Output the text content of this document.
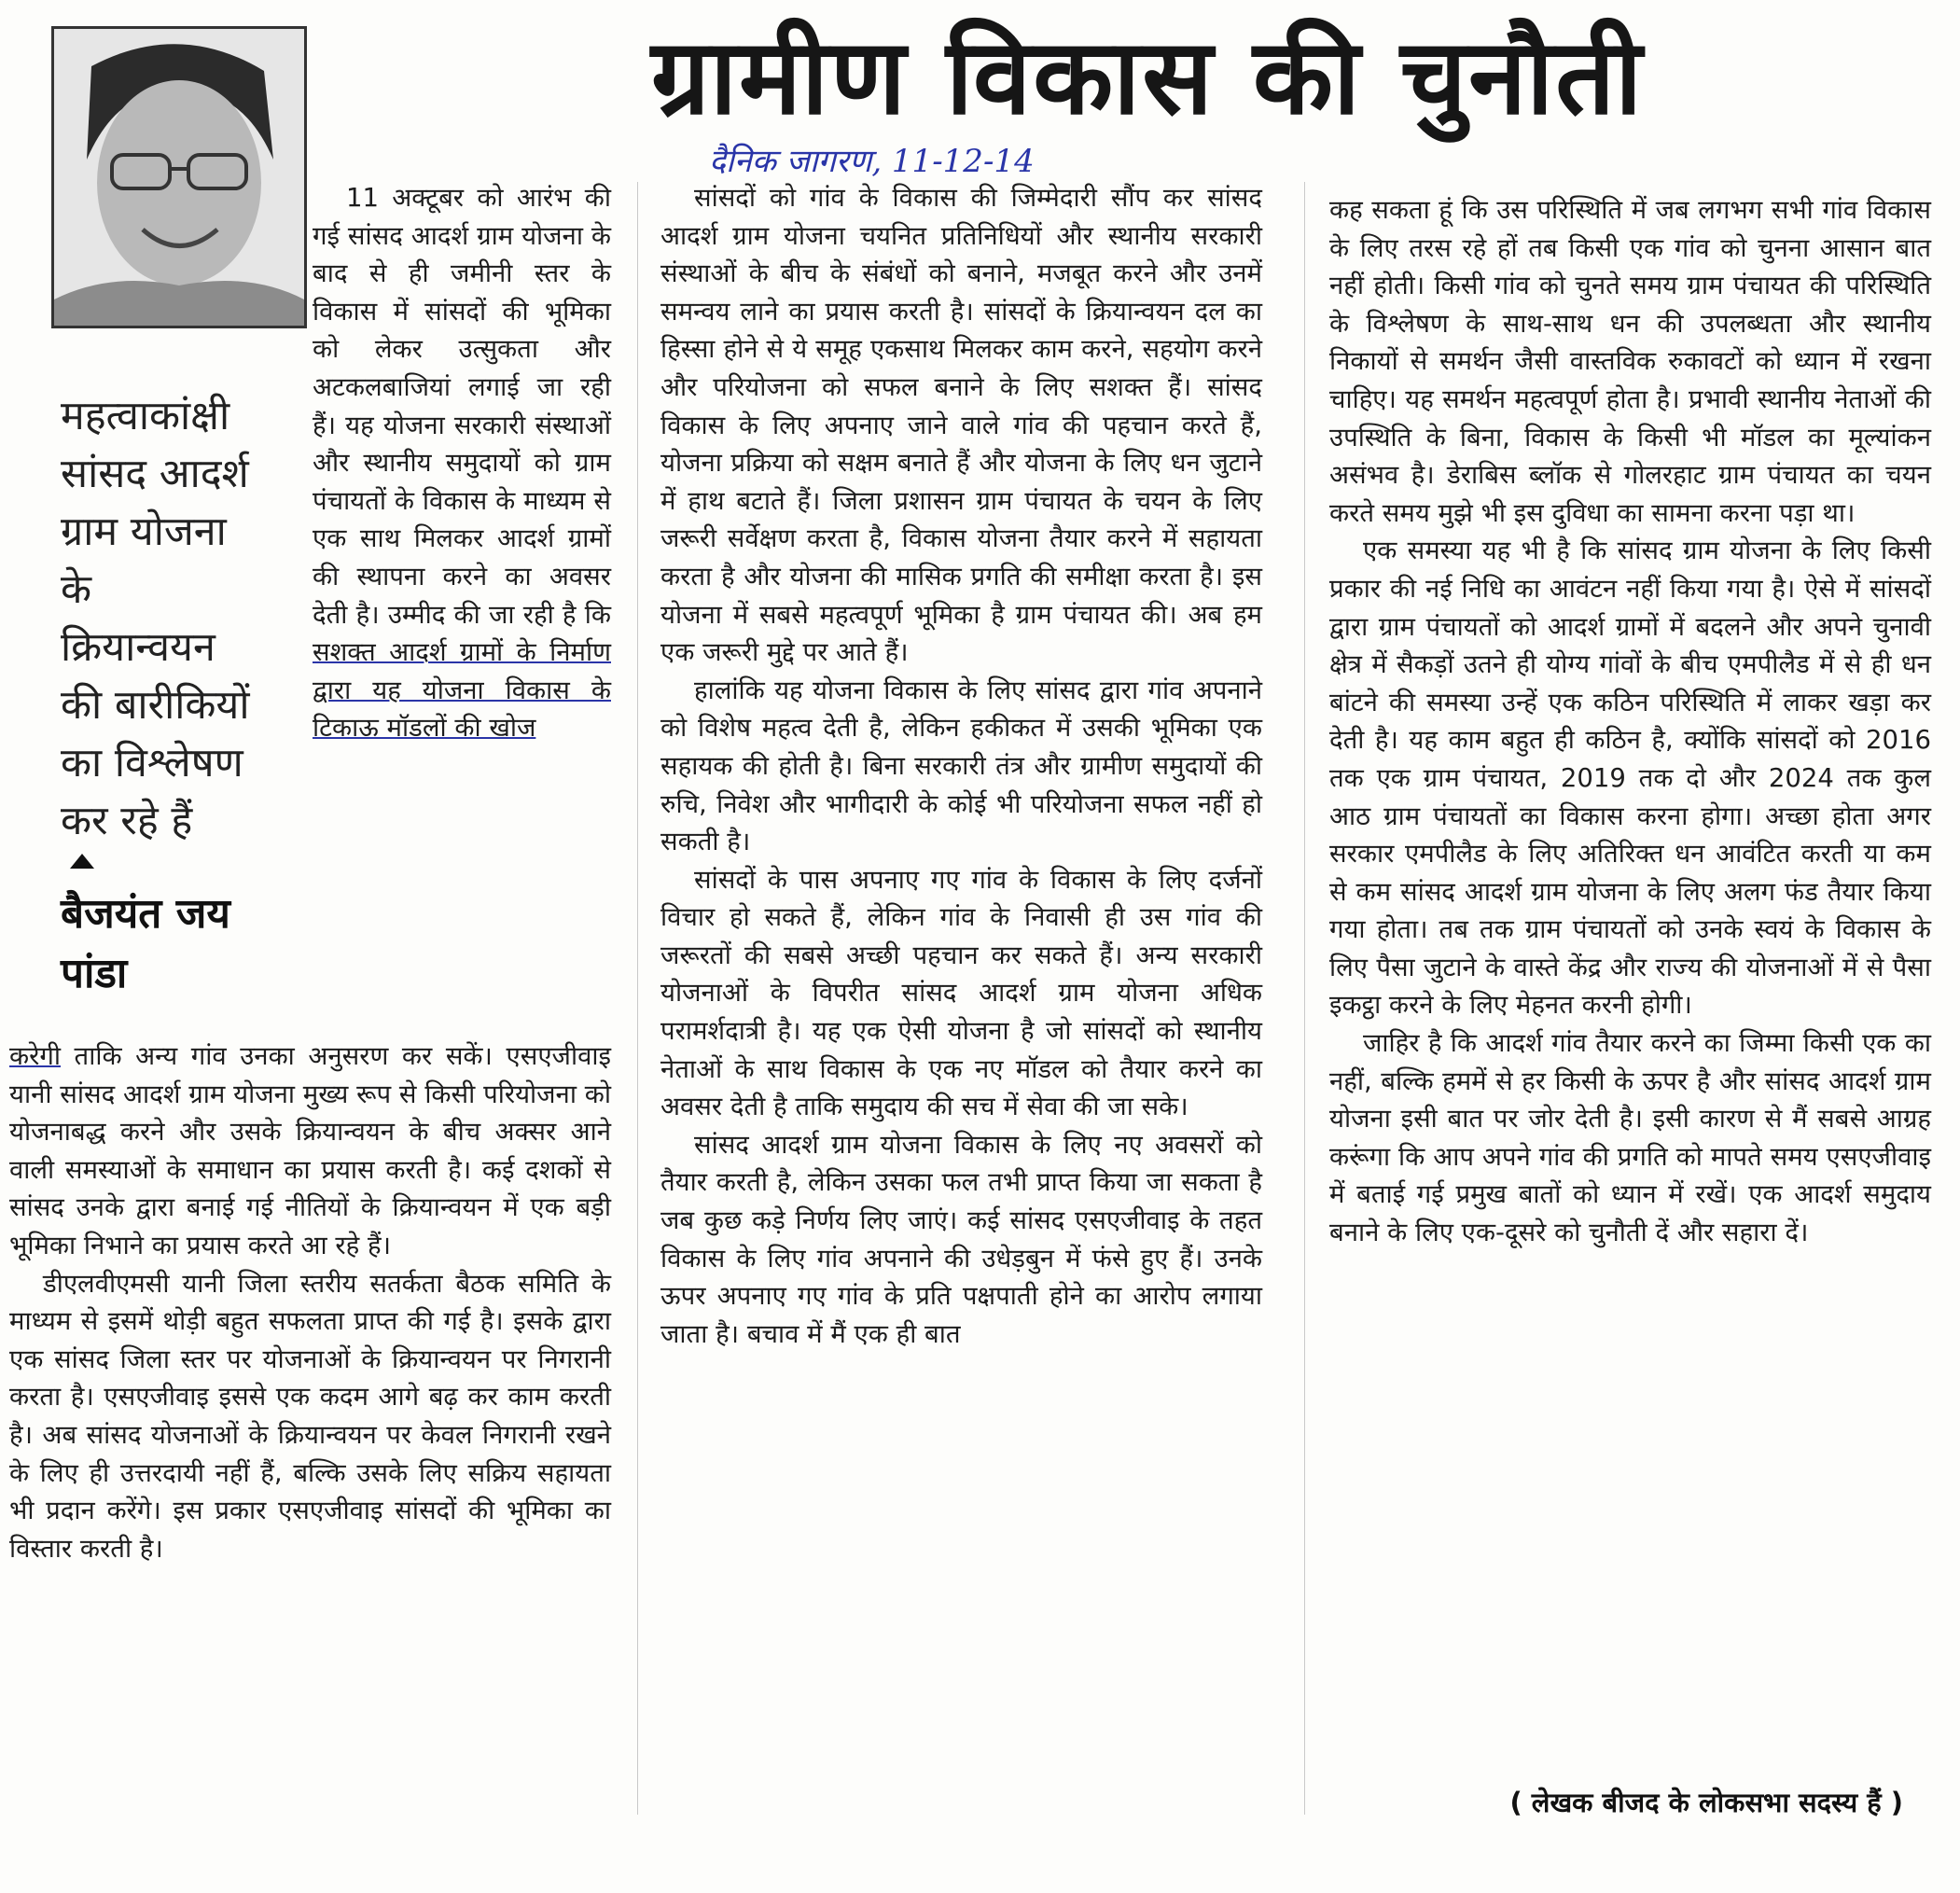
ग्रामीण विकास की चुनौती
दैनिक जागरण, 11-12-14

महत्वाकांक्षी

सांसद आदर्श

ग्राम योजना

के

क्रियान्वयन

की बारीकियों

का विश्लेषण

कर रहे हैं

बैजयंत जय
पांडा

11 अक्टूबर को आरंभ की गई सांसद आदर्श ग्राम योजना के बाद से ही जमीनी स्तर के विकास में सांसदों की भूमिका को लेकर उत्सुकता और अटकलबाजियां लगाई जा रही हैं। यह योजना सरकारी संस्थाओं और स्थानीय समुदायों को ग्राम पंचायतों के विकास के माध्यम से एक साथ मिलकर आदर्श ग्रामों की स्थापना करने का अवसर देती है। उम्मीद की जा रही है कि सशक्त आदर्श ग्रामों के निर्माण द्वारा यह योजना विकास के टिकाऊ मॉडलों की खोज

करेगी ताकि अन्य गांव उनका अनुसरण कर सकें। एसएजीवाइ यानी सांसद आदर्श ग्राम योजना मुख्य रूप से किसी परियोजना को योजनाबद्ध करने और उसके क्रियान्वयन के बीच अक्सर आने वाली समस्याओं के समाधान का प्रयास करती है। कई दशकों से सांसद उनके द्वारा बनाई गई नीतियों के क्रियान्वयन में एक बड़ी भूमिका निभाने का प्रयास करते आ रहे हैं।

डीएलवीएमसी यानी जिला स्तरीय सतर्कता बैठक समिति के माध्यम से इसमें थोड़ी बहुत सफलता प्राप्त की गई है। इसके द्वारा एक सांसद जिला स्तर पर योजनाओं के क्रियान्वयन पर निगरानी करता है। एसएजीवाइ इससे एक कदम आगे बढ़ कर काम करती है। अब सांसद योजनाओं के क्रियान्वयन पर केवल निगरानी रखने के लिए ही उत्तरदायी नहीं हैं, बल्कि उसके लिए सक्रिय सहायता भी प्रदान करेंगे। इस प्रकार एसएजीवाइ सांसदों की भूमिका का विस्तार करती है।

सांसदों को गांव के विकास की जिम्मेदारी सौंप कर सांसद आदर्श ग्राम योजना चयनित प्रतिनिधियों और स्थानीय सरकारी संस्थाओं के बीच के संबंधों को बनाने, मजबूत करने और उनमें समन्वय लाने का प्रयास करती है। सांसदों के क्रियान्वयन दल का हिस्सा होने से ये समूह एकसाथ मिलकर काम करने, सहयोग करने और परियोजना को सफल बनाने के लिए सशक्त हैं। सांसद विकास के लिए अपनाए जाने वाले गांव की पहचान करते हैं, योजना प्रक्रिया को सक्षम बनाते हैं और योजना के लिए धन जुटाने में हाथ बटाते हैं। जिला प्रशासन ग्राम पंचायत के चयन के लिए जरूरी सर्वेक्षण करता है, विकास योजना तैयार करने में सहायता करता है और योजना की मासिक प्रगति की समीक्षा करता है। इस योजना में सबसे महत्वपूर्ण भूमिका है ग्राम पंचायत की। अब हम एक जरूरी मुद्दे पर आते हैं।

हालांकि यह योजना विकास के लिए सांसद द्वारा गांव अपनाने को विशेष महत्व देती है, लेकिन हकीकत में उसकी भूमिका एक सहायक की होती है। बिना सरकारी तंत्र और ग्रामीण समुदायों की रुचि, निवेश और भागीदारी के कोई भी परियोजना सफल नहीं हो सकती है।

सांसदों के पास अपनाए गए गांव के विकास के लिए दर्जनों विचार हो सकते हैं, लेकिन गांव के निवासी ही उस गांव की जरूरतों की सबसे अच्छी पहचान कर सकते हैं। अन्य सरकारी योजनाओं के विपरीत सांसद आदर्श ग्राम योजना अधिक परामर्शदात्री है। यह एक ऐसी योजना है जो सांसदों को स्थानीय नेताओं के साथ विकास के एक नए मॉडल को तैयार करने का अवसर देती है ताकि समुदाय की सच में सेवा की जा सके।

सांसद आदर्श ग्राम योजना विकास के लिए नए अवसरों को तैयार करती है, लेकिन उसका फल तभी प्राप्त किया जा सकता है जब कुछ कड़े निर्णय लिए जाएं। कई सांसद एसएजीवाइ के तहत विकास के लिए गांव अपनाने की उधेड़बुन में फंसे हुए हैं। उनके ऊपर अपनाए गए गांव के प्रति पक्षपाती होने का आरोप लगाया जाता है। बचाव में मैं एक ही बात

कह सकता हूं कि उस परिस्थिति में जब लगभग सभी गांव विकास के लिए तरस रहे हों तब किसी एक गांव को चुनना आसान बात नहीं होती। किसी गांव को चुनते समय ग्राम पंचायत की परिस्थिति के विश्लेषण के साथ-साथ धन की उपलब्धता और स्थानीय निकायों से समर्थन जैसी वास्तविक रुकावटों को ध्यान में रखना चाहिए। यह समर्थन महत्वपूर्ण होता है। प्रभावी स्थानीय नेताओं की उपस्थिति के बिना, विकास के किसी भी मॉडल का मूल्यांकन असंभव है। डेराबिस ब्लॉक से गोलरहाट ग्राम पंचायत का चयन करते समय मुझे भी इस दुविधा का सामना करना पड़ा था।

एक समस्या यह भी है कि सांसद ग्राम योजना के लिए किसी प्रकार की नई निधि का आवंटन नहीं किया गया है। ऐसे में सांसदों द्वारा ग्राम पंचायतों को आदर्श ग्रामों में बदलने और अपने चुनावी क्षेत्र में सैकड़ों उतने ही योग्य गांवों के बीच एमपीलैड में से ही धन बांटने की समस्या उन्हें एक कठिन परिस्थिति में लाकर खड़ा कर देती है। यह काम बहुत ही कठिन है, क्योंकि सांसदों को 2016 तक एक ग्राम पंचायत, 2019 तक दो और 2024 तक कुल आठ ग्राम पंचायतों का विकास करना होगा। अच्छा होता अगर सरकार एमपीलैड के लिए अतिरिक्त धन आवंटित करती या कम से कम सांसद आदर्श ग्राम योजना के लिए अलग फंड तैयार किया गया होता। तब तक ग्राम पंचायतों को उनके स्वयं के विकास के लिए पैसा जुटाने के वास्ते केंद्र और राज्य की योजनाओं में से पैसा इकट्ठा करने के लिए मेहनत करनी होगी।

जाहिर है कि आदर्श गांव तैयार करने का जिम्मा किसी एक का नहीं, बल्कि हममें से हर किसी के ऊपर है और सांसद आदर्श ग्राम योजना इसी बात पर जोर देती है। इसी कारण से मैं सबसे आग्रह करूंगा कि आप अपने गांव की प्रगति को मापते समय एसएजीवाइ में बताई गई प्रमुख बातों को ध्यान में रखें। एक आदर्श समुदाय बनाने के लिए एक-दूसरे को चुनौती दें और सहारा दें।

( लेखक बीजद के लोकसभा सदस्य हैं )
